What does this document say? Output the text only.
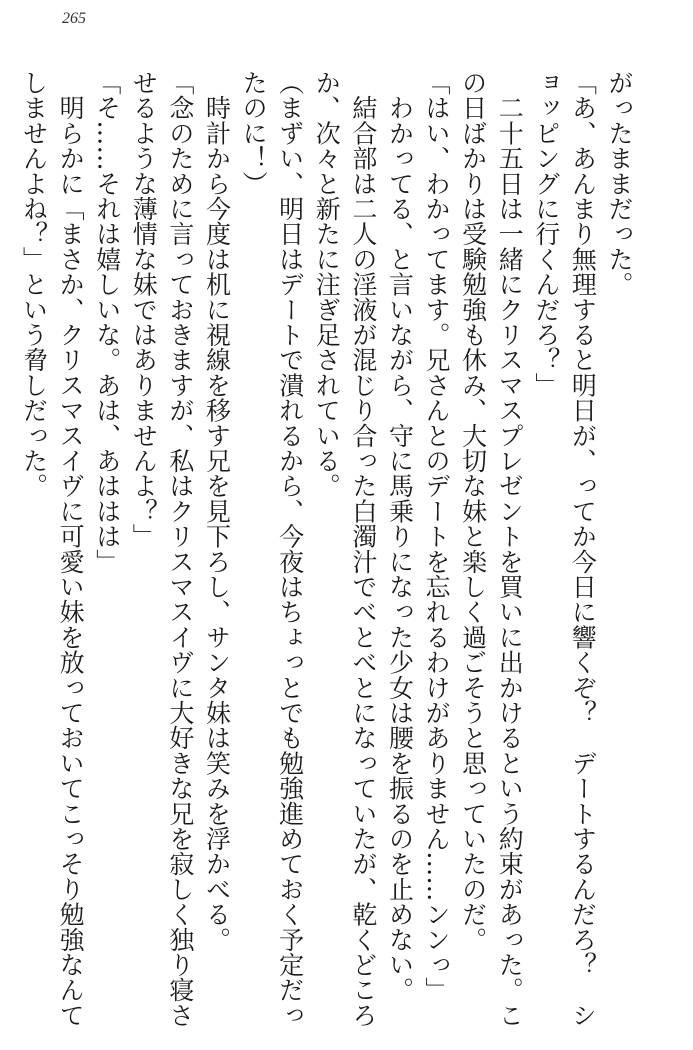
265
がったままだった。
「あ、あんまり無理すると明日が、ってか今日に響くぞ？　デートするんだろ？　シ
ョッピングに行くんだろ？」
　二十五日は一緒にクリスマスプレゼントを買いに出かけるという約束があった。こ
の日ばかりは受験勉強も休み、大切な妹と楽しく過ごそうと思っていたのだ。
「はい、わかってます。兄さんとのデートを忘れるわけがありません……ンンっ」
　わかってる、と言いながら、守に馬乗りになった少女は腰を振るのを止めない。
　結合部は二人の淫液が混じり合った白濁汁でべとべとになっていたが、乾くどころ
か、次々と新たに注ぎ足されている。
（まずい、明日はデートで潰れるから、今夜はちょっとでも勉強進めておく予定だっ
たのに！）
　時計から今度は机に視線を移す兄を見下ろし、サンタ妹は笑みを浮かべる。
「念のために言っておきますが、私はクリスマスイヴに大好きな兄を寂しく独り寝さ
せるような薄情な妹ではありませんよ？」
「そ……それは嬉しいな。あは、あははは」
　明らかに「まさか、クリスマスイヴに可愛い妹を放っておいてこっそり勉強なんて
しませんよね？」という脅しだった。
